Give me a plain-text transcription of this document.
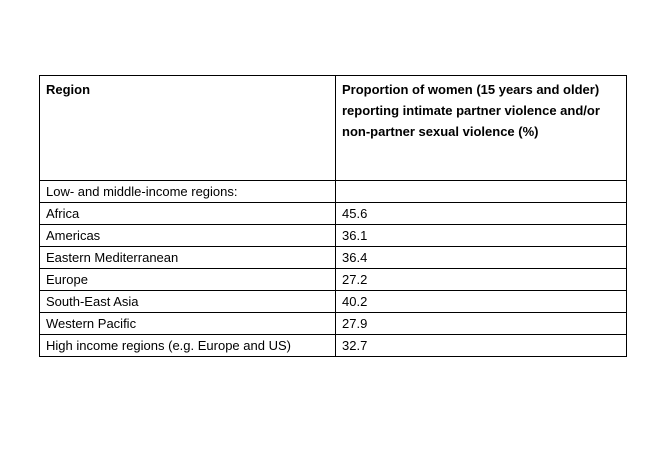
Region	Proportion of women (15 years and older) reporting intimate partner violence and/or non-partner sexual violence (%)
Low- and middle-income regions:	
Africa	45.6
Americas	36.1
Eastern Mediterranean	36.4
Europe	27.2
South-East Asia	40.2
Western Pacific	27.9
High income regions (e.g. Europe and US)	32.7
